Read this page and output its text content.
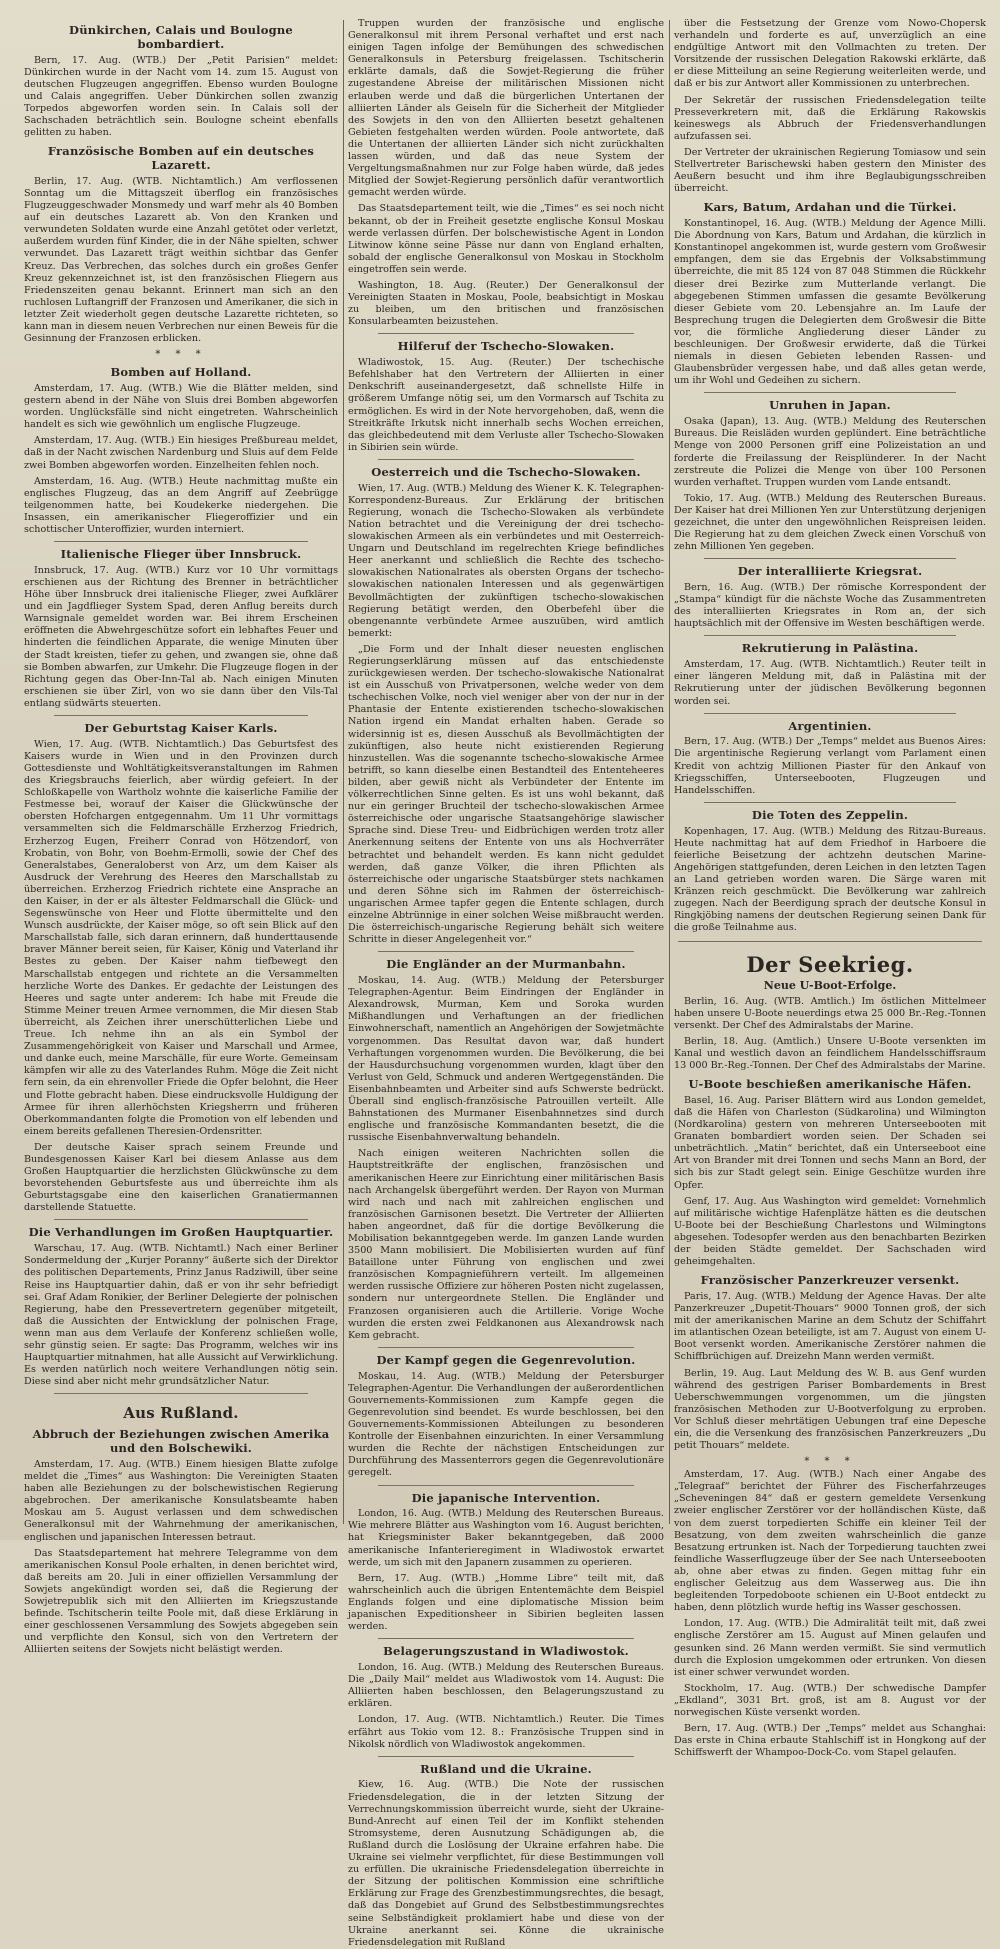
Dünkirchen, Calais und Boulogne bombardiert.

Bern, 17. Aug. (WTB.) Der „Petit Parisien“ meldet: Dünkirchen wurde in der Nacht vom 14. zum 15. August von deutschen Flugzeugen angegriffen. Ebenso wurden Boulogne und Calais angegriffen. Ueber Dünkirchen sollen zwanzig Torpedos abgeworfen worden sein. In Calais soll der Sachschaden beträchtlich sein. Boulogne scheint ebenfalls gelitten zu haben.

Französische Bomben auf ein deutsches Lazarett.

Berlin, 17. Aug. (WTB. Nichtamtlich.) Am verflossenen Sonntag um die Mittagszeit überflog ein französisches Flugzeuggeschwader Monsmedy und warf mehr als 40 Bomben auf ein deutsches Lazarett ab. Von den Kranken und verwundeten Soldaten wurde eine Anzahl getötet oder verletzt, außerdem wurden fünf Kinder, die in der Nähe spielten, schwer verwundet. Das Lazarett trägt weithin sichtbar das Genfer Kreuz. Das Verbrechen, das solches durch ein großes Genfer Kreuz gekennzeichnet ist, ist den französischen Fliegern aus Friedenszeiten genau bekannt. Erinnert man sich an den ruchlosen Luftangriff der Franzosen und Amerikaner, die sich in letzter Zeit wiederholt gegen deutsche Lazarette richteten, so kann man in diesem neuen Verbrechen nur einen Beweis für die Gesinnung der Franzosen erblicken.

* * *
Bomben auf Holland.

Amsterdam, 17. Aug. (WTB.) Wie die Blätter melden, sind gestern abend in der Nähe von Sluis drei Bomben abgeworfen worden. Unglücksfälle sind nicht eingetreten. Wahrscheinlich handelt es sich wie gewöhnlich um englische Flugzeuge.

Amsterdam, 17. Aug. (WTB.) Ein hiesiges Preßbureau meldet, daß in der Nacht zwischen Nardenburg und Sluis auf dem Felde zwei Bomben abgeworfen worden. Einzelheiten fehlen noch.

Amsterdam, 16. Aug. (WTB.) Heute nachmittag mußte ein englisches Flugzeug, das an dem Angriff auf Zeebrügge teilgenommen hatte, bei Koudekerke niedergehen. Die Insassen, ein amerikanischer Fliegeroffizier und ein schottischer Unteroffizier, wurden interniert.

Italienische Flieger über Innsbruck.

Innsbruck, 17. Aug. (WTB.) Kurz vor 10 Uhr vormittags erschienen aus der Richtung des Brenner in beträchtlicher Höhe über Innsbruck drei italienische Flieger, zwei Aufklärer und ein Jagdflieger System Spad, deren Anflug bereits durch Warnsignale gemeldet worden war. Bei ihrem Erscheinen eröffneten die Abwehrgeschütze sofort ein lebhaftes Feuer und hinderten die feindlichen Apparate, die wenige Minuten über der Stadt kreisten, tiefer zu gehen, und zwangen sie, ohne daß sie Bomben abwarfen, zur Umkehr. Die Flugzeuge flogen in der Richtung gegen das Ober-Inn-Tal ab. Nach einigen Minuten erschienen sie über Zirl, von wo sie dann über den Vils-Tal entlang südwärts steuerten.

Der Geburtstag Kaiser Karls.

Wien, 17. Aug. (WTB. Nichtamtlich.) Das Geburtsfest des Kaisers wurde in Wien und in den Provinzen durch Gottesdienste und Wohltätigkeitsveranstaltungen im Rahmen des Kriegsbrauchs feierlich, aber würdig gefeiert. In der Schloßkapelle von Wartholz wohnte die kaiserliche Familie der Festmesse bei, worauf der Kaiser die Glückwünsche der obersten Hofchargen entgegennahm. Um 11 Uhr vormittags versammelten sich die Feldmarschälle Erzherzog Friedrich, Erzherzog Eugen, Freiherr Conrad von Hötzendorf, von Krobatin, von Bohr, von Boehm-Ermolli, sowie der Chef des Generalstabes, Generaloberst von Arz, um dem Kaiser als Ausdruck der Verehrung des Heeres den Marschallstab zu überreichen. Erzherzog Friedrich richtete eine Ansprache an den Kaiser, in der er als ältester Feldmarschall die Glück- und Segenswünsche von Heer und Flotte übermittelte und den Wunsch ausdrückte, der Kaiser möge, so oft sein Blick auf den Marschallstab falle, sich daran erinnern, daß hunderttausende braver Männer bereit seien, für Kaiser, König und Vaterland ihr Bestes zu geben. Der Kaiser nahm tiefbewegt den Marschallstab entgegen und richtete an die Versammelten herzliche Worte des Dankes. Er gedachte der Leistungen des Heeres und sagte unter anderem: Ich habe mit Freude die Stimme Meiner treuen Armee vernommen, die Mir diesen Stab überreicht, als Zeichen ihrer unerschütterlichen Liebe und Treue. Ich nehme ihn an als ein Symbol der Zusammengehörigkeit von Kaiser und Marschall und Armee, und danke euch, meine Marschälle, für eure Worte. Gemeinsam kämpfen wir alle zu des Vaterlandes Ruhm. Möge die Zeit nicht fern sein, da ein ehrenvoller Friede die Opfer belohnt, die Heer und Flotte gebracht haben. Diese eindrucksvolle Huldigung der Armee für ihren allerhöchsten Kriegsherrn und früheren Oberkommandanten folgte die Promotion von elf lebenden und einem bereits gefallenen Theresien-Ordensritter.

Der deutsche Kaiser sprach seinem Freunde und Bundesgenossen Kaiser Karl bei diesem Anlasse aus dem Großen Hauptquartier die herzlichsten Glückwünsche zu dem bevorstehenden Geburtsfeste aus und überreichte ihm als Geburtstagsgabe eine den kaiserlichen Granatiermannen darstellende Statuette.

Die Verhandlungen im Großen Hauptquartier.

Warschau, 17. Aug. (WTB. Nichtamtl.) Nach einer Berliner Sondermeldung der „Kurjer Poranny“ äußerte sich der Direktor des politischen Departements, Prinz Janus Radziwill, über seine Reise ins Hauptquartier dahin, daß er von ihr sehr befriedigt sei. Graf Adam Ronikier, der Berliner Delegierte der polnischen Regierung, habe den Pressevertretern gegenüber mitgeteilt, daß die Aussichten der Entwicklung der polnischen Frage, wenn man aus dem Verlaufe der Konferenz schließen wolle, sehr günstig seien. Er sagte: Das Programm, welches wir ins Hauptquartier mitnahmen, hat alle Aussicht auf Verwirklichung. Es werden natürlich noch weitere Verhandlungen nötig sein. Diese sind aber nicht mehr grundsätzlicher Natur.

Aus Rußland.
Abbruch der Beziehungen zwischen Amerika und den Bolschewiki.

Amsterdam, 17. Aug. (WTB.) Einem hiesigen Blatte zufolge meldet die „Times“ aus Washington: Die Vereinigten Staaten haben alle Beziehungen zu der bolschewistischen Regierung abgebrochen. Der amerikanische Konsulatsbeamte haben Moskau am 5. August verlassen und dem schwedischen Generalkonsul mit der Wahrnehmung der amerikanischen, englischen und japanischen Interessen betraut.

Das Staatsdepartement hat mehrere Telegramme von dem amerikanischen Konsul Poole erhalten, in denen berichtet wird, daß bereits am 20. Juli in einer offiziellen Versammlung der Sowjets angekündigt worden sei, daß die Regierung der Sowjetrepublik sich mit den Alliierten im Kriegszustande befinde. Tschitscherin teilte Poole mit, daß diese Erklärung in einer geschlossenen Versammlung des Sowjets abgegeben sein und verpflichte den Konsul, sich von den Vertretern der Alliierten seitens der Sowjets nicht belästigt werden.

Truppen wurden der französische und englische Generalkonsul mit ihrem Personal verhaftet und erst nach einigen Tagen infolge der Bemühungen des schwedischen Generalkonsuls in Petersburg freigelassen. Tschitscherin erklärte damals, daß die Sowjet-Regierung die früher zugestandene Abreise der militärischen Missionen nicht erlauben werde und daß die bürgerlichen Untertanen der alliierten Länder als Geiseln für die Sicherheit der Mitglieder des Sowjets in den von den Alliierten besetzt gehaltenen Gebieten festgehalten werden würden. Poole antwortete, daß die Untertanen der alliierten Länder sich nicht zurückhalten lassen würden, und daß das neue System der Vergeltungsmaßnahmen nur zur Folge haben würde, daß jedes Mitglied der Sowjet-Regierung persönlich dafür verantwortlich gemacht werden würde.

Das Staatsdepartement teilt, wie die „Times“ es sei noch nicht bekannt, ob der in Freiheit gesetzte englische Konsul Moskau werde verlassen dürfen. Der bolschewistische Agent in London Litwinow könne seine Pässe nur dann von England erhalten, sobald der englische Generalkonsul von Moskau in Stockholm eingetroffen sein werde.

Washington, 18. Aug. (Reuter.) Der Generalkonsul der Vereinigten Staaten in Moskau, Poole, beabsichtigt in Moskau zu bleiben, um den britischen und französischen Konsularbeamten beizustehen.

Hilferuf der Tschecho-Slowaken.

Wladiwostok, 15. Aug. (Reuter.) Der tschechische Befehlshaber hat den Vertretern der Alliierten in einer Denkschrift auseinandergesetzt, daß schnellste Hilfe in größerem Umfange nötig sei, um den Vormarsch auf Tschita zu ermöglichen. Es wird in der Note hervorgehoben, daß, wenn die Streitkräfte Irkutsk nicht innerhalb sechs Wochen erreichen, das gleichbedeutend mit dem Verluste aller Tschecho-Slowaken in Sibirien sein würde.

Oesterreich und die Tschecho-Slowaken.

Wien, 17. Aug. (WTB.) Meldung des Wiener K. K. Telegraphen-Korrespondenz-Bureaus. Zur Erklärung der britischen Regierung, wonach die Tschecho-Slowaken als verbündete Nation betrachtet und die Vereinigung der drei tschecho-slowakischen Armeen als ein verbündetes und mit Oesterreich-Ungarn und Deutschland im regelrechten Kriege befindliches Heer anerkannt und schließlich die Rechte des tschecho-slowakischen Nationalrates als obersten Organs der tschecho-slowakischen nationalen Interessen und als gegenwärtigen Bevollmächtigten der zukünftigen tschecho-slowakischen Regierung betätigt werden, den Oberbefehl über die obengenannte verbündete Armee auszuüben, wird amtlich bemerkt:

„Die Form und der Inhalt dieser neuesten englischen Regierungserklärung müssen auf das entschiedenste zurückgewiesen werden. Der tschecho-slowakische Nationalrat ist ein Ausschuß von Privatpersonen, welche weder von dem tschechischen Volke, noch viel weniger aber von der nur in der Phantasie der Entente existierenden tschecho-slowakischen Nation irgend ein Mandat erhalten haben. Gerade so widersinnig ist es, diesen Ausschuß als Bevollmächtigten der zukünftigen, also heute nicht existierenden Regierung hinzustellen. Was die sogenannte tschecho-slowakische Armee betrifft, so kann dieselbe einen Bestandteil des Ententeheeres bilden, aber gewiß nicht als Verbündeter der Entente im völkerrechtlichen Sinne gelten. Es ist uns wohl bekannt, daß nur ein geringer Bruchteil der tschecho-slowakischen Armee österreichische oder ungarische Staatsangehörige slawischer Sprache sind. Diese Treu- und Eidbrüchigen werden trotz aller Anerkennung seitens der Entente von uns als Hochverräter betrachtet und behandelt werden. Es kann nicht geduldet werden, daß ganze Völker, die ihren Pflichten als österreichische oder ungarische Staatsbürger stets nachkamen und deren Söhne sich im Rahmen der österreichisch-ungarischen Armee tapfer gegen die Entente schlagen, durch einzelne Abtrünnige in einer solchen Weise mißbraucht werden. Die österreichisch-ungarische Regierung behält sich weitere Schritte in dieser Angelegenheit vor.“

Die Engländer an der Murmanbahn.

Moskau, 14. Aug. (WTB.) Meldung der Petersburger Telegraphen-Agentur. Beim Eindringen der Engländer in Alexandrowsk, Murman, Kem und Soroka wurden Mißhandlungen und Verhaftungen an der friedlichen Einwohnerschaft, namentlich an Angehörigen der Sowjetmächte vorgenommen. Das Resultat davon war, daß hundert Verhaftungen vorgenommen wurden. Die Bevölkerung, die bei der Hausdurchsuchung vorgenommen wurden, klagt über den Verlust von Geld, Schmuck und anderen Wertgegenständen. Die Eisenbahnbeamten und Arbeiter sind aufs Schwerste bedrückt. Überall sind englisch-französische Patrouillen verteilt. Alle Bahnstationen des Murmaner Eisenbahnnetzes sind durch englische und französische Kommandanten besetzt, die die russische Eisenbahnverwaltung behandeln.

Nach einigen weiteren Nachrichten sollen die Hauptstreitkräfte der englischen, französischen und amerikanischen Heere zur Einrichtung einer militärischen Basis nach Archangelsk übergeführt werden. Der Rayon von Murman wird nach und nach mit zahlreichen englischen und französischen Garnisonen besetzt. Die Vertreter der Alliierten haben angeordnet, daß für die dortige Bevölkerung die Mobilisation bekanntgegeben werde. Im ganzen Lande wurden 3500 Mann mobilisiert. Die Mobilisierten wurden auf fünf Bataillone unter Führung von englischen und zwei französischen Kompagnieführern verteilt. Im allgemeinen werden russische Offiziere zur höheren Posten nicht zugelassen, sondern nur untergeordnete Stellen. Die Engländer und Franzosen organisieren auch die Artillerie. Vorige Woche wurden die ersten zwei Feldkanonen aus Alexandrowsk nach Kem gebracht.

Der Kampf gegen die Gegenrevolution.

Moskau, 14. Aug. (WTB.) Meldung der Petersburger Telegraphen-Agentur. Die Verhandlungen der außerordentlichen Gouvernements-Kommissionen zum Kampfe gegen die Gegenrevolution sind beendet. Es wurde beschlossen, bei den Gouvernements-Kommissionen Abteilungen zu besonderen Kontrolle der Eisenbahnen einzurichten. In einer Versammlung wurden die Rechte der nächstigen Entscheidungen zur Durchführung des Massenterrors gegen die Gegenrevolutionäre geregelt.

Die japanische Intervention.

London, 16. Aug. (WTB.) Meldung des Reuterschen Bureaus. Wie mehrere Blätter aus Washington vom 16. August berichten, hat Kriegsminister Baker bekanntgegeben, daß 2000 amerikanische Infanterieregiment in Wladiwostok erwartet werde, um sich mit den Japanern zusammen zu operieren.

Bern, 17. Aug. (WTB.) „Homme Libre“ teilt mit, daß wahrscheinlich auch die übrigen Ententemächte dem Beispiel Englands folgen und eine diplomatische Mission beim japanischen Expeditionsheer in Sibirien begleiten lassen werden.

Belagerungszustand in Wladiwostok.

London, 16. Aug. (WTB.) Meldung des Reuterschen Bureaus. Die „Daily Mail“ meldet aus Wladiwostok vom 14. August: Die Alliierten haben beschlossen, den Belagerungszustand zu erklären.

London, 17. Aug. (WTB. Nichtamtlich.) Reuter. Die Times erfährt aus Tokio vom 12. 8.: Französische Truppen sind in Nikolsk nördlich von Wladiwostok angekommen.

Rußland und die Ukraine.

Kiew, 16. Aug. (WTB.) Die Note der russischen Friedensdelegation, die in der letzten Sitzung der Verrechnungskommission überreicht wurde, sieht der Ukraine-Bund-Anrecht auf einen Teil der im Konflikt stehenden Stromsysteme, deren Ausnutzung Schädigungen ab, die Rußland durch die Loslösung der Ukraine erfahren habe. Die Ukraine sei vielmehr verpflichtet, für diese Bestimmungen voll zu erfüllen. Die ukrainische Friedensdelegation überreichte in der Sitzung der politischen Kommission eine schriftliche Erklärung zur Frage des Grenzbestimmungsrechtes, die besagt, daß das Dongebiet auf Grund des Selbstbestimmungsrechtes seine Selbständigkeit proklamiert habe und diese von der Ukraine anerkannt sei. Könne die ukrainische Friedensdelegation mit Rußland

über die Festsetzung der Grenze vom Nowo-Chopersk verhandeln und forderte es auf, unverzüglich an eine endgültige Antwort mit den Vollmachten zu treten. Der Vorsitzende der russischen Delegation Rakowski erklärte, daß er diese Mitteilung an seine Regierung weiterleiten werde, und daß er bis zur Antwort aller Kommissionen zu unterbrechen.

Der Sekretär der russischen Friedensdelegation teilte Presseverkretern mit, daß die Erklärung Rakowskis keineswegs als Abbruch der Friedensverhandlungen aufzufassen sei.

Der Vertreter der ukrainischen Regierung Tomiasow und sein Stellvertreter Barischewski haben gestern den Minister des Aeußern besucht und ihm ihre Beglaubigungsschreiben überreicht.

Kars, Batum, Ardahan und die Türkei.

Konstantinopel, 16. Aug. (WTB.) Meldung der Agence Milli. Die Abordnung von Kars, Batum und Ardahan, die kürzlich in Konstantinopel angekommen ist, wurde gestern vom Großwesir empfangen, dem sie das Ergebnis der Volksabstimmung überreichte, die mit 85 124 von 87 048 Stimmen die Rückkehr dieser drei Bezirke zum Mutterlande verlangt. Die abgegebenen Stimmen umfassen die gesamte Bevölkerung dieser Gebiete vom 20. Lebensjahre an. Im Laufe der Besprechung trugen die Delegierten dem Großwesir die Bitte vor, die förmliche Angliederung dieser Länder zu beschleunigen. Der Großwesir erwiderte, daß die Türkei niemals in diesen Gebieten lebenden Rassen- und Glaubensbrüder vergessen habe, und daß alles getan werde, um ihr Wohl und Gedeihen zu sichern.

Unruhen in Japan.

Osaka (Japan), 13. Aug. (WTB.) Meldung des Reuterschen Bureaus. Die Reisläden wurden geplündert. Eine beträchtliche Menge von 2000 Personen griff eine Polizeistation an und forderte die Freilassung der Reisplünderer. In der Nacht zerstreute die Polizei die Menge von über 100 Personen wurden verhaftet. Truppen wurden vom Lande entsandt.

Tokio, 17. Aug. (WTB.) Meldung des Reuterschen Bureaus. Der Kaiser hat drei Millionen Yen zur Unterstützung derjenigen gezeichnet, die unter den ungewöhnlichen Reispreisen leiden. Die Regierung hat zu dem gleichen Zweck einen Vorschuß von zehn Millionen Yen gegeben.

Der interalliierte Kriegsrat.

Bern, 16. Aug. (WTB.) Der römische Korrespondent der „Stampa“ kündigt für die nächste Woche das Zusammentreten des interalliierten Kriegsrates in Rom an, der sich hauptsächlich mit der Offensive im Westen beschäftigen werde.

Rekrutierung in Palästina.

Amsterdam, 17. Aug. (WTB. Nichtamtlich.) Reuter teilt in einer längeren Meldung mit, daß in Palästina mit der Rekrutierung unter der jüdischen Bevölkerung begonnen worden sei.

Argentinien.

Bern, 17. Aug. (WTB.) Der „Temps“ meldet aus Buenos Aires: Die argentinische Regierung verlangt vom Parlament einen Kredit von achtzig Millionen Piaster für den Ankauf von Kriegsschiffen, Unterseebooten, Flugzeugen und Handelsschiffen.

Die Toten des Zeppelin.

Kopenhagen, 17. Aug. (WTB.) Meldung des Ritzau-Bureaus. Heute nachmittag hat auf dem Friedhof in Harboere die feierliche Beisetzung der achtzehn deutschen Marine-Angehörigen stattgefunden, deren Leichen in den letzten Tagen an Land getrieben worden waren. Die Särge waren mit Kränzen reich geschmückt. Die Bevölkerung war zahlreich zugegen. Nach der Beerdigung sprach der deutsche Konsul in Ringkjöbing namens der deutschen Regierung seinen Dank für die große Teilnahme aus.

Der Seekrieg.
Neue U-Boot-Erfolge.

Berlin, 16. Aug. (WTB. Amtlich.) Im östlichen Mittelmeer haben unsere U-Boote neuerdings etwa 25 000 Br.-Reg.-Tonnen versenkt. Der Chef des Admiralstabs der Marine.

Berlin, 18. Aug. (Amtlich.) Unsere U-Boote versenkten im Kanal und westlich davon an feindlichem Handelsschiffsraum 13 000 Br.-Reg.-Tonnen. Der Chef des Admiralstabs der Marine.

U-Boote beschießen amerikanische Häfen.

Basel, 16. Aug. Pariser Blättern wird aus London gemeldet, daß die Häfen von Charleston (Südkarolina) und Wilmington (Nordkarolina) gestern von mehreren Unterseebooten mit Granaten bombardiert worden seien. Der Schaden sei unbeträchtlich. „Matin“ berichtet, daß ein Unterseeboot eine Art von Brander mit drei Tonnen und sechs Mann an Bord, der sich bis zur Stadt gelegt sein. Einige Geschütze wurden ihre Opfer.

Genf, 17. Aug. Aus Washington wird gemeldet: Vornehmlich auf militärische wichtige Hafenplätze hätten es die deutschen U-Boote bei der Beschießung Charlestons und Wilmingtons abgesehen. Todesopfer werden aus den benachbarten Bezirken der beiden Städte gemeldet. Der Sachschaden wird geheimgehalten.

Französischer Panzerkreuzer versenkt.

Paris, 17. Aug. (WTB.) Meldung der Agence Havas. Der alte Panzerkreuzer „Dupetit-Thouars“ 9000 Tonnen groß, der sich mit der amerikanischen Marine an dem Schutz der Schiffahrt im atlantischen Ozean beteiligte, ist am 7. August von einem U-Boot versenkt worden. Amerikanische Zerstörer nahmen die Schiffbrüchigen auf. Dreizehn Mann werden vermißt.

Berlin, 19. Aug. Laut Meldung des W. B. aus Genf wurden während des gestrigen Pariser Bombardements in Brest Ueberschwemmungen vorgenommen, um die jüngsten französischen Methoden zur U-Bootverfolgung zu erproben. Vor Schluß dieser mehrtätigen Uebungen traf eine Depesche ein, die die Versenkung des französischen Panzerkreuzers „Du petit Thouars“ meldete.

* * *

Amsterdam, 17. Aug. (WTB.) Nach einer Angabe des „Telegraaf“ berichtet der Führer des Fischerfahrzeuges „Scheveningen 84“ daß er gestern gemeldete Versenkung zweier englischer Zerstörer vor der holländischen Küste, daß von dem zuerst torpedierten Schiffe ein kleiner Teil der Besatzung, von dem zweiten wahrscheinlich die ganze Besatzung ertrunken ist. Nach der Torpedierung tauchten zwei feindliche Wasserflugzeuge über der See nach Unterseebooten ab, ohne aber etwas zu finden. Gegen mittag fuhr ein englischer Geleitzug aus dem Wasserweg aus. Die ihn begleitenden Torpedoboote schienen ein U-Boot entdeckt zu haben, denn plötzlich wurde heftig ins Wasser geschossen.

London, 17. Aug. (WTB.) Die Admiralität teilt mit, daß zwei englische Zerstörer am 15. August auf Minen gelaufen und gesunken sind. 26 Mann werden vermißt. Sie sind vermutlich durch die Explosion umgekommen oder ertrunken. Von diesen ist einer schwer verwundet worden.

Stockholm, 17. Aug. (WTB.) Der schwedische Dampfer „Ekdland“, 3031 Brt. groß, ist am 8. August vor der norwegischen Küste versenkt worden.

Bern, 17. Aug. (WTB.) Der „Temps“ meldet aus Schanghai: Das erste in China erbaute Stahlschiff ist in Hongkong auf der Schiffswerft der Whampoo-Dock-Co. vom Stapel gelaufen.
